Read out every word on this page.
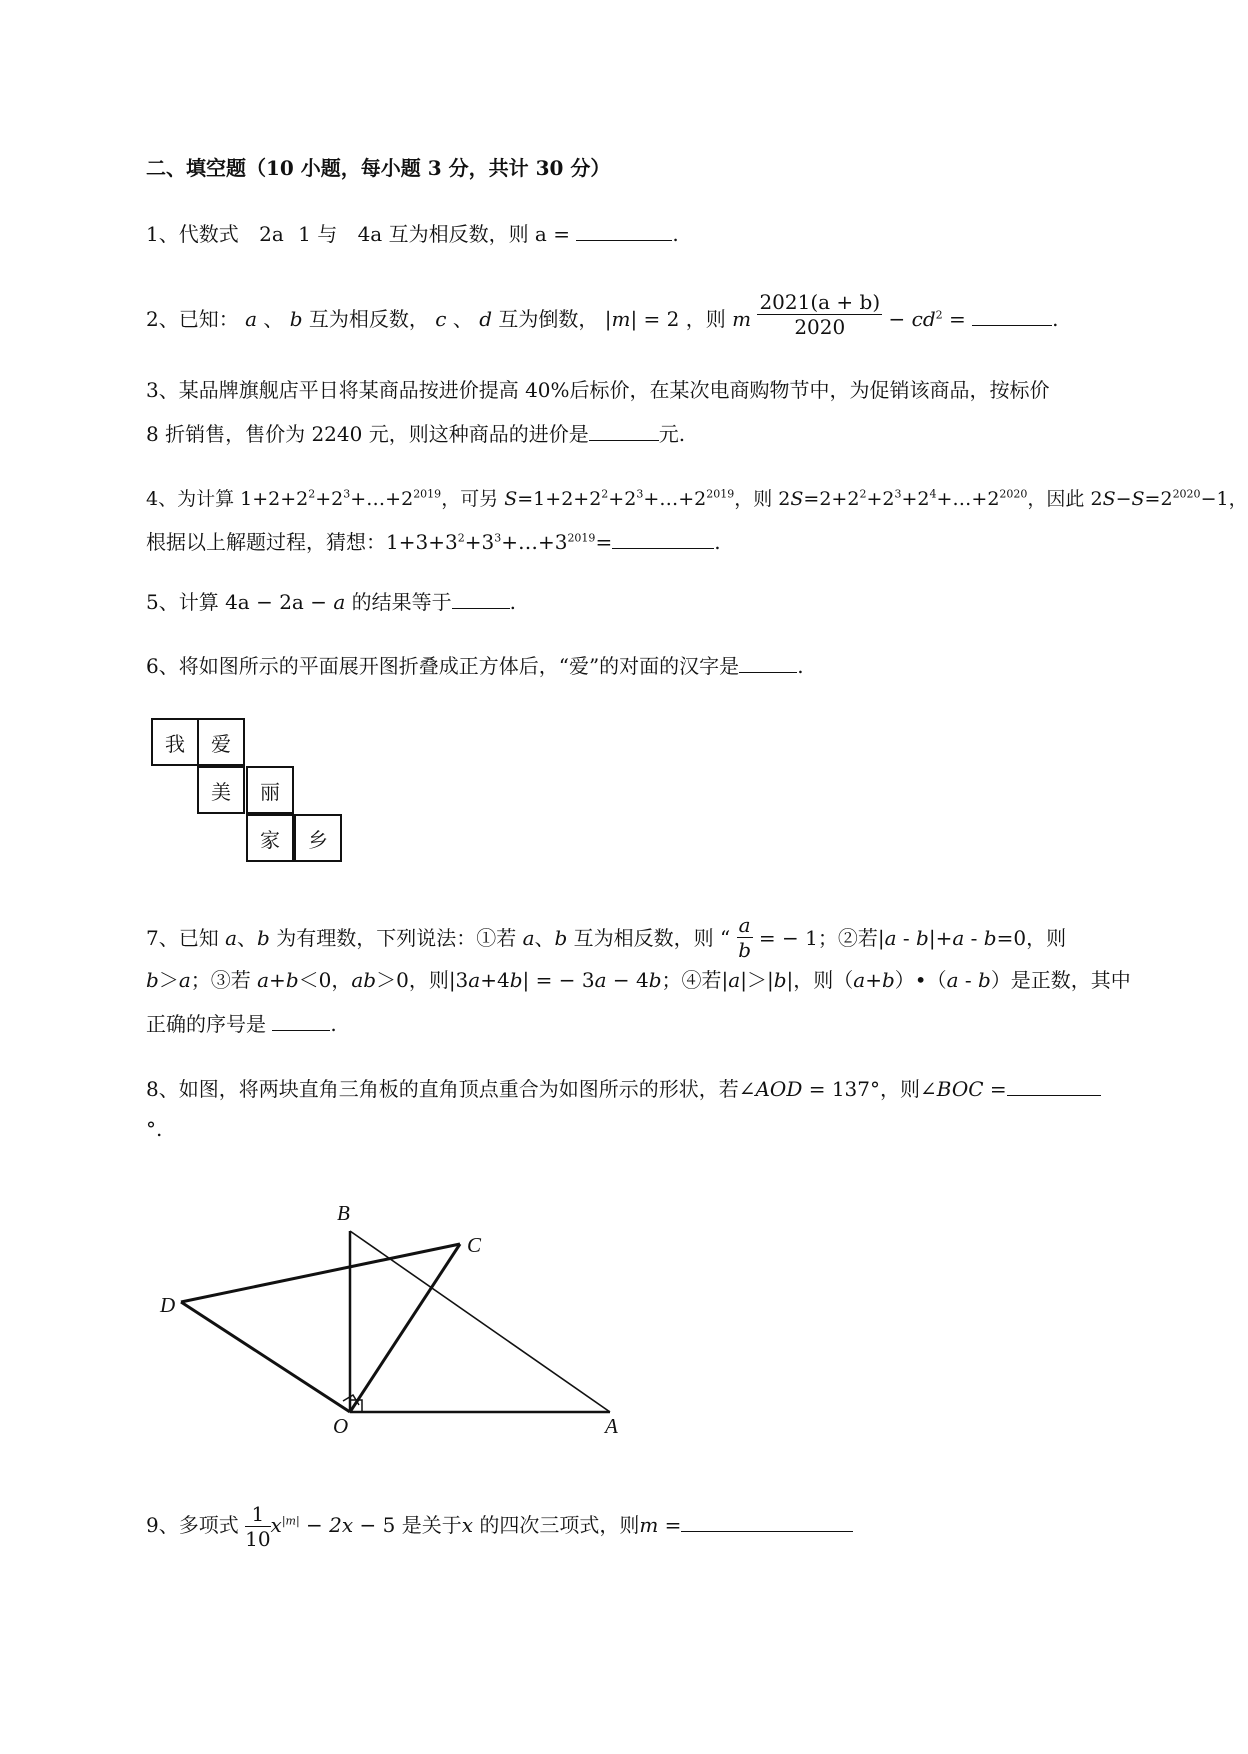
二、填空题（10 小题，每小题 3 分，共计 30 分）
1、代数式 2a 1 与 4a 互为相反数，则 a =	.
2、已知： a 、 b 互为相反数， c 、 d 互为倒数， |m| = 2 ，则 m $\frac{2021(a + b)}{2020} - cd^2$ =	.
3、某品牌旗舰店平日将某商品按进价提高 40%后标价，在某次电商购物节中，为促销该商品，按标价
8 折销售，售价为 2240 元，则这种商品的进价是	元.
4、为计算 $1+2+2^2+2^3+\dots+2^{2019}$，可另 $S=1+2+2^2+2^3+\dots+2^{2019}$，则 $2S=2+2^2+2^3+2^4+\dots+2^{2020}$，因此 $2S-S=2^{2020}-1$，
根据以上解题过程，猜想：$1+3+3^2+3^3+\dots+3^{2019}=$	.
5、计算 4a − 2a − a 的结果等于	.
6、将如图所示的平面展开图折叠成正方体后，“爱”的对面的汉字是	.
我	爱
美	丽
家	乡
7、已知 a、b 为有理数，下列说法：①若 a、b 互为相反数，则 “ $\frac{a}{b}$ = − 1；②若|a - b|+a - b=0，则
b＞a；③若 a+b＜0，ab＞0，则|3a+4b| = − 3a − 4b；④若|a|＞|b|，则（a+b）•（a - b）是正数，其中
正确的序号是	.
8、如图，将两块直角三角板的直角顶点重合为如图所示的形状，若∠AOD = 137°，则∠BOC =
°.
B
C
D
O	A
9、多项式 $\frac{1}{10} x^{|m|} - 2x - 5$ 是关于x 的四次三项式，则m =
